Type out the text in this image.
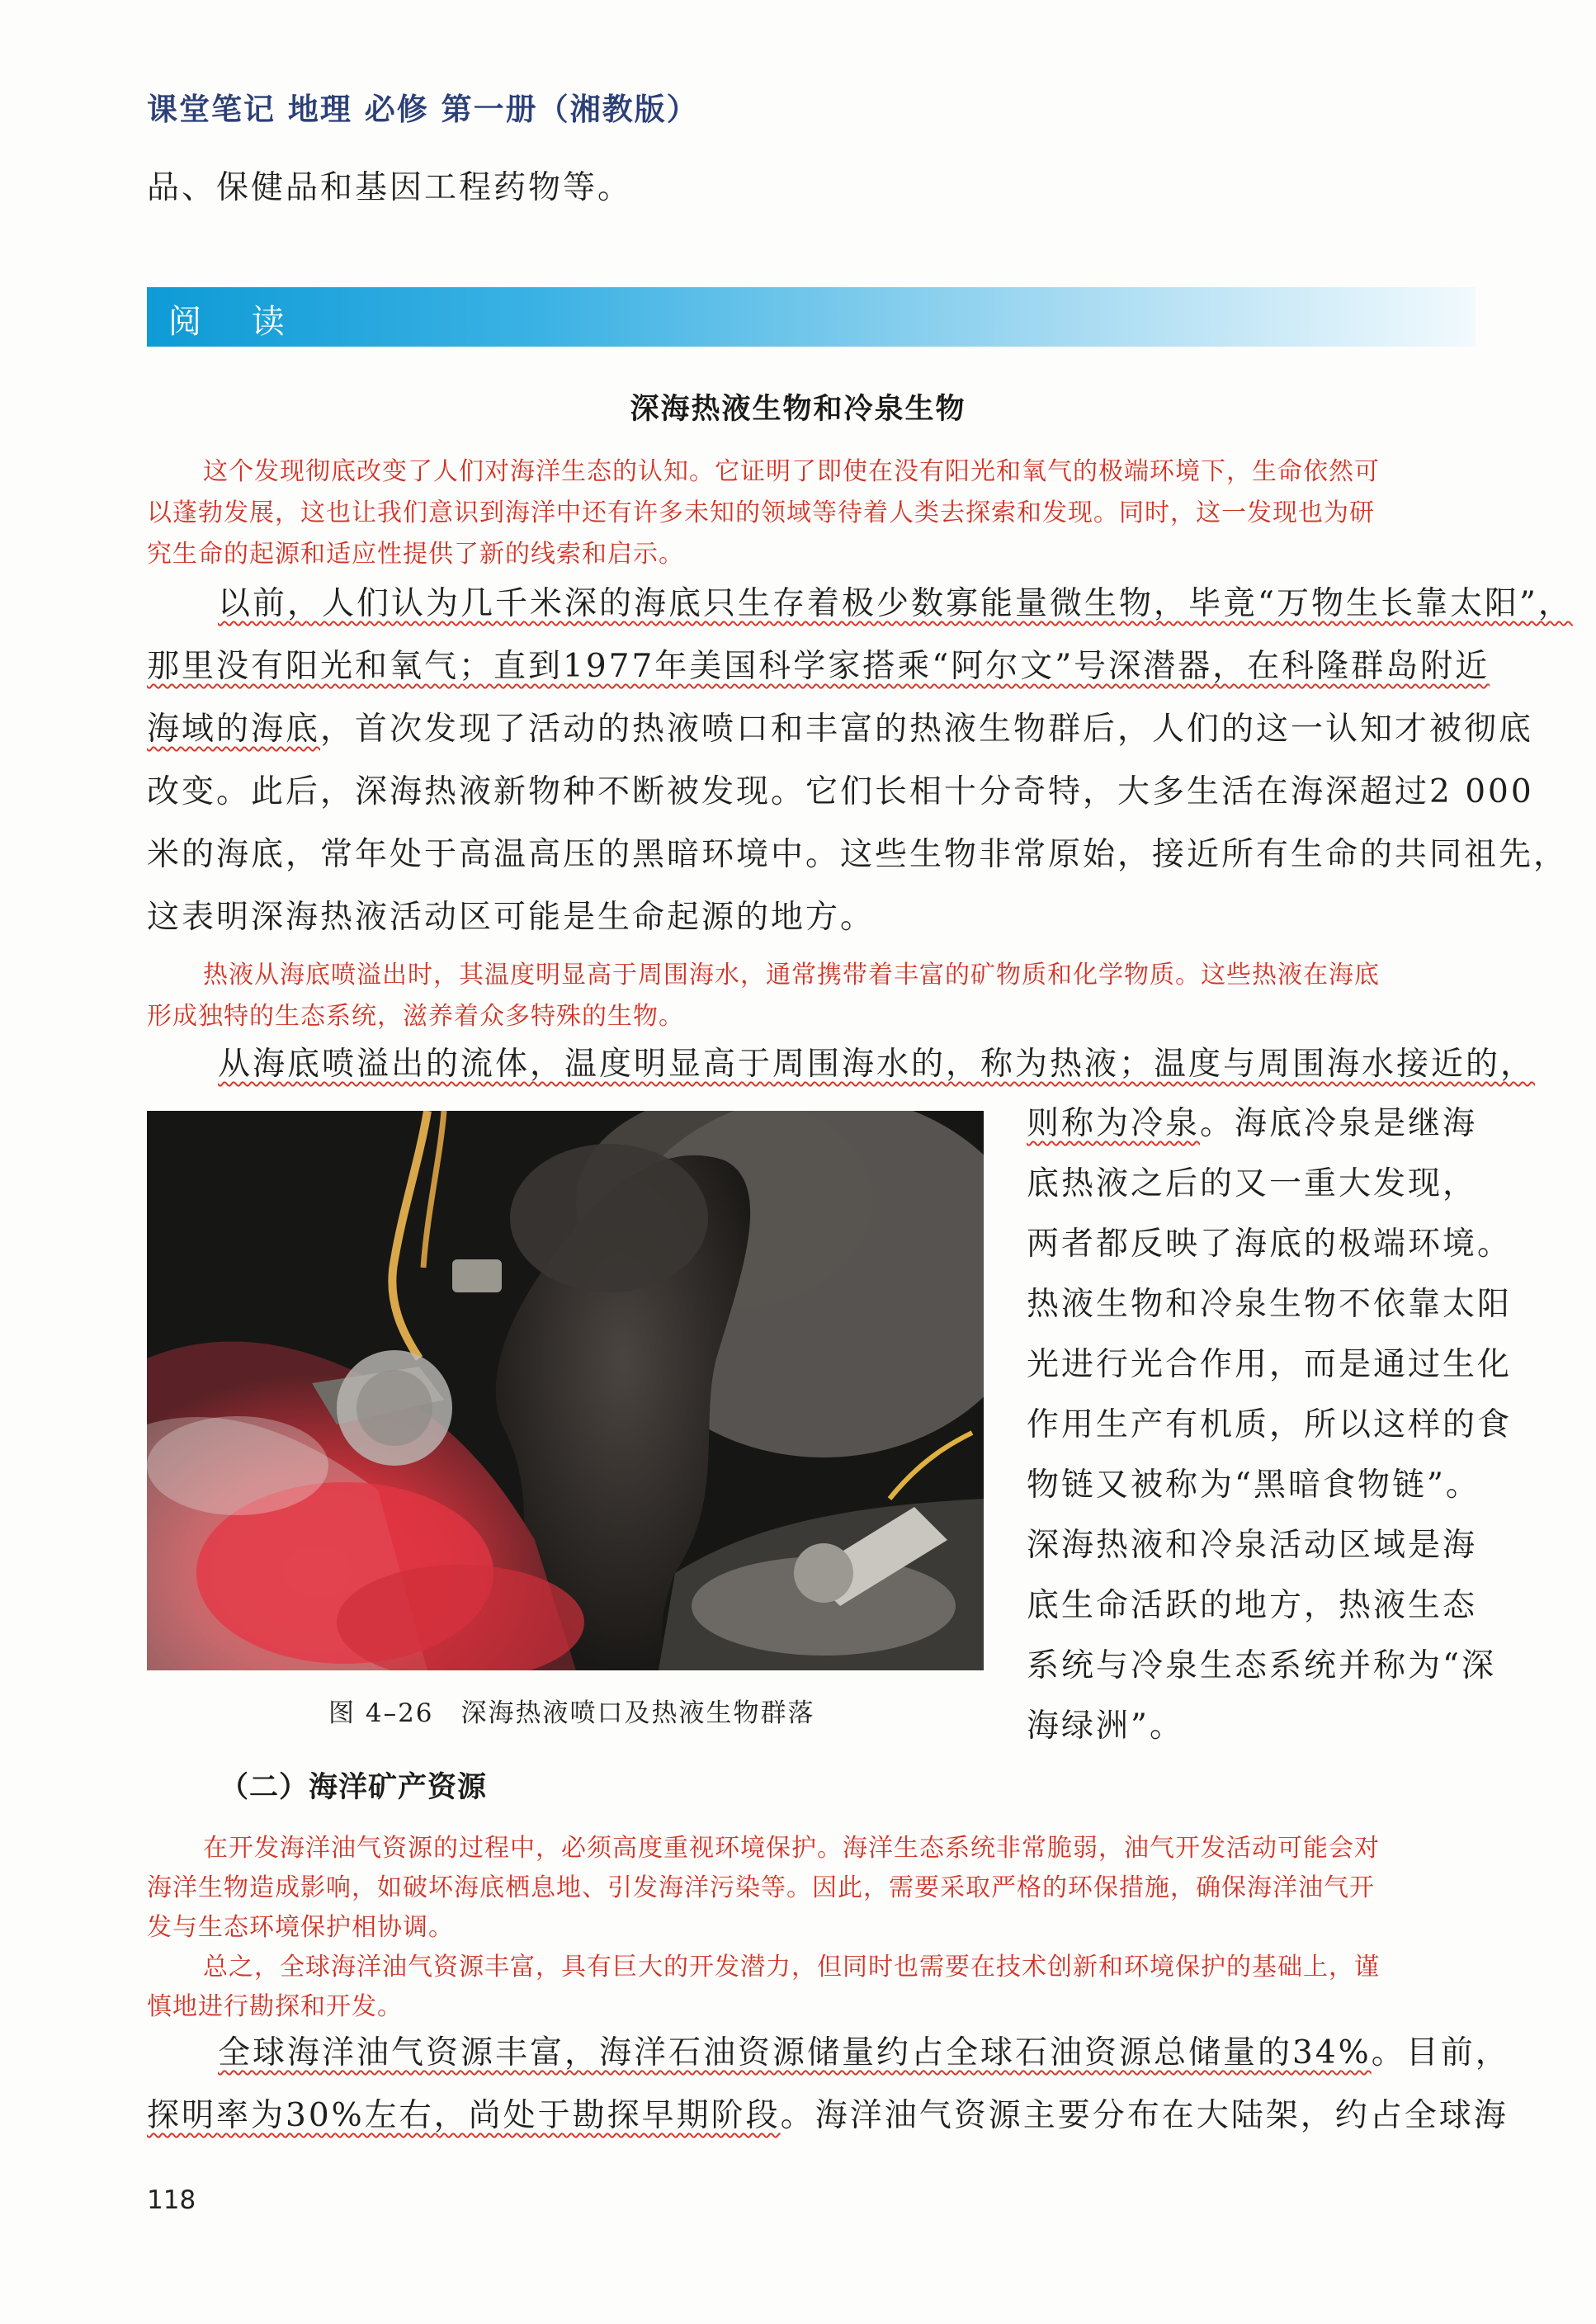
课堂笔记 地理 必修 第一册（湘教版）
品、保健品和基因工程药物等。
阅 读
深海热液生物和冷泉生物
这个发现彻底改变了人们对海洋生态的认知。它证明了即使在没有阳光和氧气的极端环境下，生命依然可
以蓬勃发展，这也让我们意识到海洋中还有许多未知的领域等待着人类去探索和发现。同时，这一发现也为研
究生命的起源和适应性提供了新的线索和启示。
以前，人们认为几千米深的海底只生存着极少数寡能量微生物，毕竟“万物生长靠太阳”，
那里没有阳光和氧气；直到1977年美国科学家搭乘“阿尔文”号深潜器，在科隆群岛附近
海域的海底，首次发现了活动的热液喷口和丰富的热液生物群后，人们的这一认知才被彻底
改变。此后，深海热液新物种不断被发现。它们长相十分奇特，大多生活在海深超过2 000
米的海底，常年处于高温高压的黑暗环境中。这些生物非常原始，接近所有生命的共同祖先，
这表明深海热液活动区可能是生命起源的地方。
热液从海底喷溢出时，其温度明显高于周围海水，通常携带着丰富的矿物质和化学物质。这些热液在海底
形成独特的生态系统，滋养着众多特殊的生物。
从海底喷溢出的流体，温度明显高于周围海水的，称为热液；温度与周围海水接近的，
则称为冷泉。海底冷泉是继海
底热液之后的又一重大发现，
两者都反映了海底的极端环境。
热液生物和冷泉生物不依靠太阳
光进行光合作用，而是通过生化
作用生产有机质，所以这样的食
物链又被称为“黑暗食物链”。
深海热液和冷泉活动区域是海
底生命活跃的地方，热液生态
系统与冷泉生态系统并称为“深
海绿洲”。
图 4–26　深海热液喷口及热液生物群落
（二）海洋矿产资源
在开发海洋油气资源的过程中，必须高度重视环境保护。海洋生态系统非常脆弱，油气开发活动可能会对
海洋生物造成影响，如破坏海底栖息地、引发海洋污染等。因此，需要采取严格的环保措施，确保海洋油气开
发与生态环境保护相协调。
总之，全球海洋油气资源丰富，具有巨大的开发潜力，但同时也需要在技术创新和环境保护的基础上，谨
慎地进行勘探和开发。
全球海洋油气资源丰富，海洋石油资源储量约占全球石油资源总储量的34%。目前，
探明率为30%左右，尚处于勘探早期阶段。海洋油气资源主要分布在大陆架，约占全球海
118
